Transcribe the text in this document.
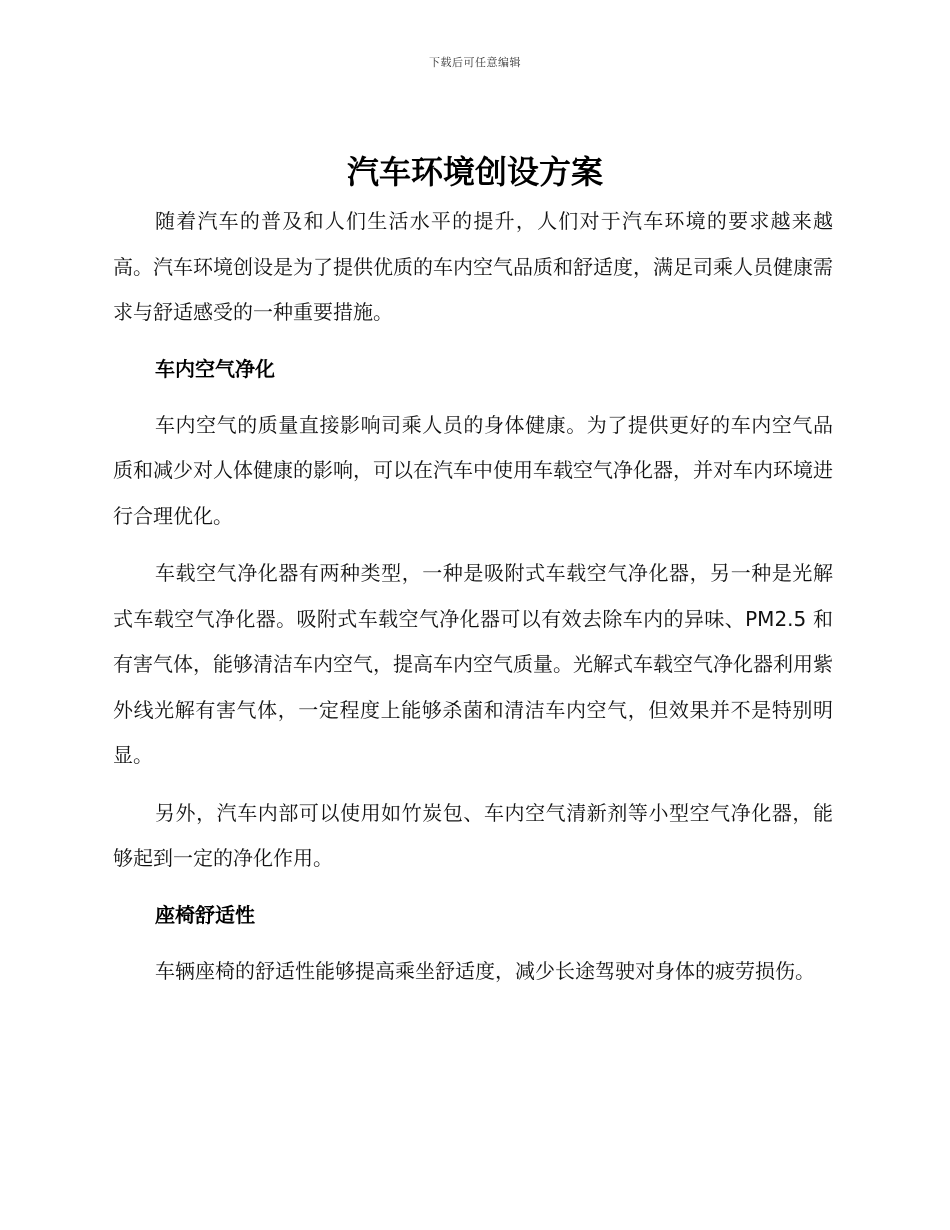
下载后可任意编辑
汽车环境创设方案

随着汽车的普及和人们生活水平的提升，人们对于汽车环境的要求越来越高。汽车环境创设是为了提供优质的车内空气品质和舒适度，满足司乘人员健康需求与舒适感受的一种重要措施。

车内空气净化

车内空气的质量直接影响司乘人员的身体健康。为了提供更好的车内空气品质和减少对人体健康的影响，可以在汽车中使用车载空气净化器，并对车内环境进行合理优化。

车载空气净化器有两种类型，一种是吸附式车载空气净化器，另一种是光解式车载空气净化器。吸附式车载空气净化器可以有效去除车内的异味、PM2.5 和有害气体，能够清洁车内空气，提高车内空气质量。光解式车载空气净化器利用紫外线光解有害气体，一定程度上能够杀菌和清洁车内空气，但效果并不是特别明显。

另外，汽车内部可以使用如竹炭包、车内空气清新剂等小型空气净化器，能够起到一定的净化作用。

座椅舒适性

车辆座椅的舒适性能够提高乘坐舒适度，减少长途驾驶对身体的疲劳损伤。
